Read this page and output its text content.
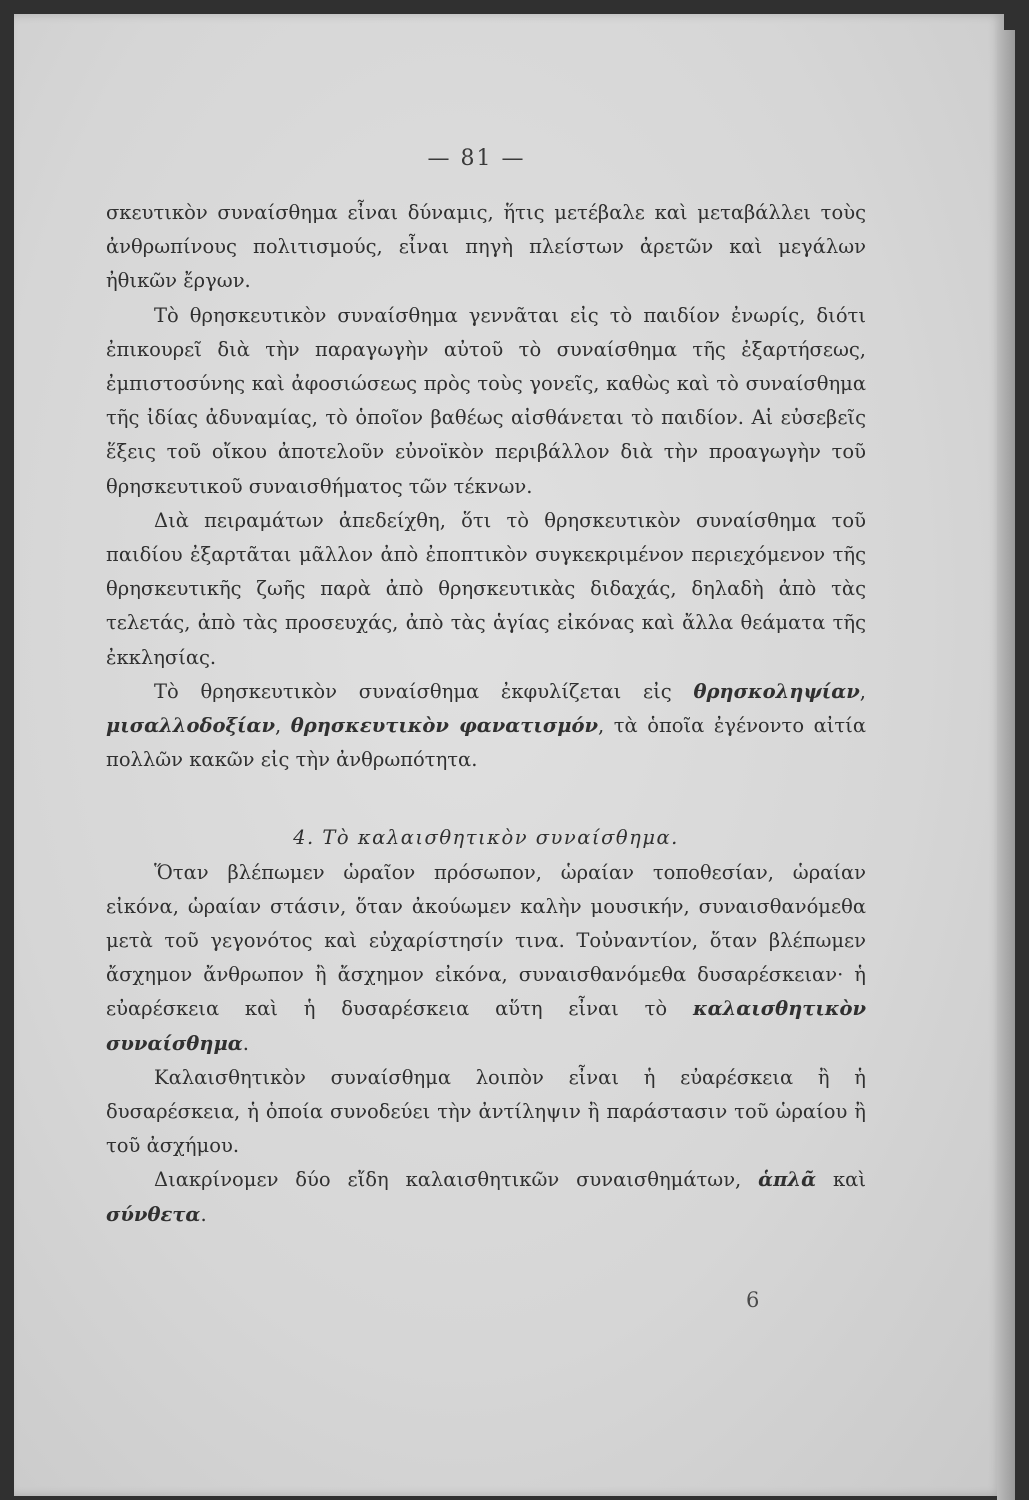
— 81 —

σκευτικὸν συναίσθημα εἶναι δύναμις, ἥτις μετέβαλε καὶ μεταβάλλει τοὺς ἀνθρωπίνους πολιτισμούς, εἶναι πηγὴ πλείστων ἀρετῶν καὶ μεγάλων ἠθικῶν ἔργων.

Τὸ θρησκευτικὸν συναίσθημα γεννᾶται εἰς τὸ παιδίον ἐνωρίς, διότι ἐπικουρεῖ διὰ τὴν παραγωγὴν αὐτοῦ τὸ συναίσθημα τῆς ἐξαρτήσεως, ἐμπιστοσύνης καὶ ἀφοσιώσεως πρὸς τοὺς γονεῖς, καθὼς καὶ τὸ συναίσθημα τῆς ἰδίας ἀδυναμίας, τὸ ὁποῖον βαθέως αἰσθάνεται τὸ παιδίον. Αἱ εὐσεβεῖς ἕξεις τοῦ οἴκου ἀποτελοῦν εὐνοϊκὸν περιβάλλον διὰ τὴν προαγωγὴν τοῦ θρησκευτικοῦ συναισθήματος τῶν τέκνων.

Διὰ πειραμάτων ἀπεδείχθη, ὅτι τὸ θρησκευτικὸν συναίσθημα τοῦ παιδίου ἐξαρτᾶται μᾶλλον ἀπὸ ἐποπτικὸν συγκεκριμένον περιεχόμενον τῆς θρησκευτικῆς ζωῆς παρὰ ἀπὸ θρησκευτικὰς διδαχάς, δηλαδὴ ἀπὸ τὰς τελετάς, ἀπὸ τὰς προσευχάς, ἀπὸ τὰς ἁγίας εἰκόνας καὶ ἄλλα θεάματα τῆς ἐκκλησίας.

Τὸ θρησκευτικὸν συναίσθημα ἐκφυλίζεται εἰς θρησκοληψίαν, μισαλλοδοξίαν, θρησκευτικὸν φανατισμόν, τὰ ὁποῖα ἐγένοντο αἰτία πολλῶν κακῶν εἰς τὴν ἀνθρωπότητα.

4. Τὸ καλαισθητικὸν συναίσθημα.

Ὅταν βλέπωμεν ὡραῖον πρόσωπον, ὡραίαν τοποθεσίαν, ὡραίαν εἰκόνα, ὡραίαν στάσιν, ὅταν ἀκούωμεν καλὴν μουσικήν, συναισθανόμεθα μετὰ τοῦ γεγονότος καὶ εὐχαρίστησίν τινα. Τοὐναντίον, ὅταν βλέπωμεν ἄσχημον ἄνθρωπον ἢ ἄσχημον εἰκόνα, συναισθανόμεθα δυσαρέσκειαν· ἡ εὐαρέσκεια καὶ ἡ δυσαρέσκεια αὕτη εἶναι τὸ καλαισθητικὸν συναίσθημα.

Καλαισθητικὸν συναίσθημα λοιπὸν εἶναι ἡ εὐαρέσκεια ἢ ἡ δυσαρέσκεια, ἡ ὁποία συνοδεύει τὴν ἀντίληψιν ἢ παράστασιν τοῦ ὡραίου ἢ τοῦ ἀσχήμου.

Διακρίνομεν δύο εἴδη καλαισθητικῶν συναισθημάτων, ἁπλᾶ καὶ σύνθετα.

6
